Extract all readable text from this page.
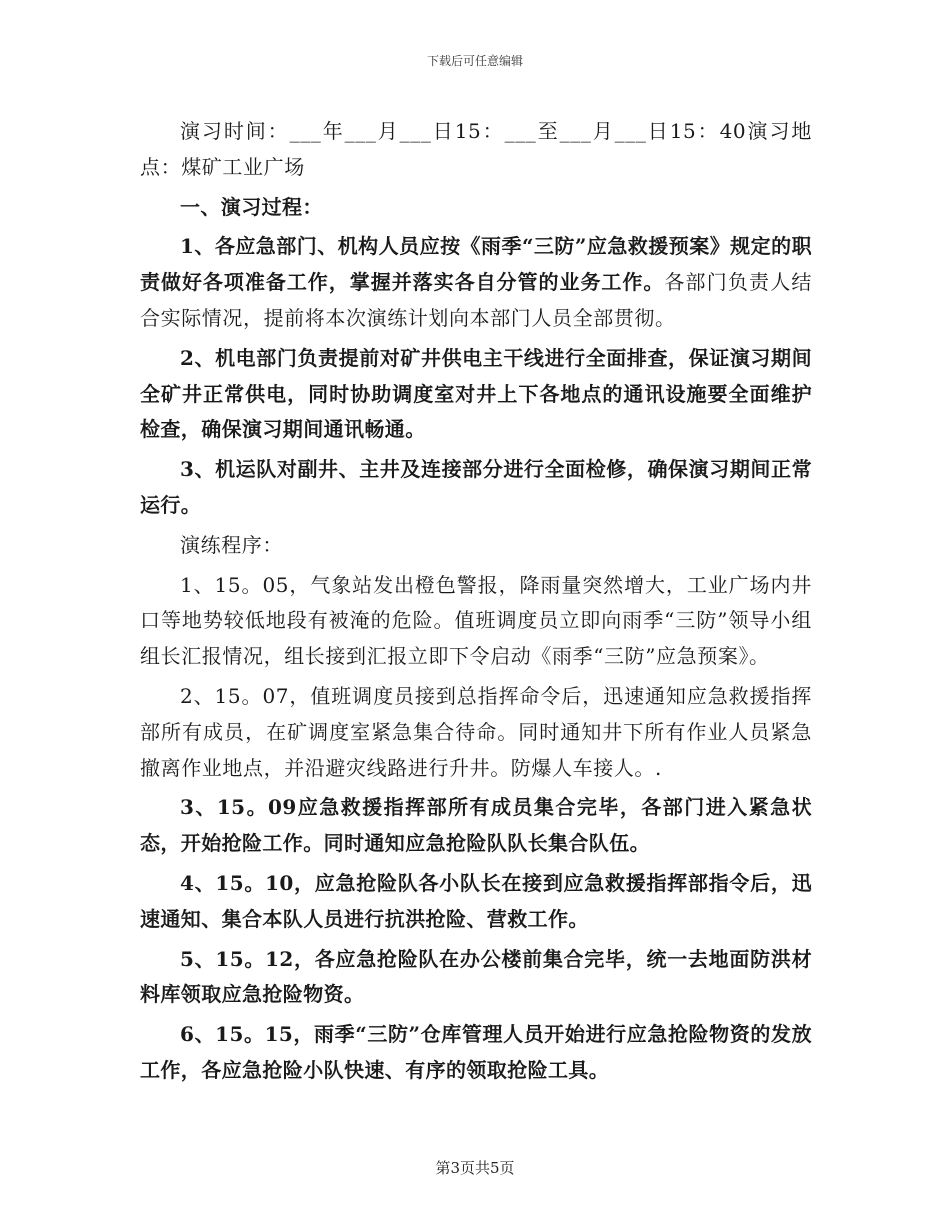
下载后可任意编辑

演习时间：___年___月___日15：___至___月___日15：40演习地点：煤矿工业广场

一、演习过程：

1、各应急部门、机构人员应按《雨季“三防”应急救援预案》规定的职责做好各项准备工作，掌握并落实各自分管的业务工作。各部门负责人结合实际情况，提前将本次演练计划向本部门人员全部贯彻。

2、机电部门负责提前对矿井供电主干线进行全面排查，保证演习期间全矿井正常供电，同时协助调度室对井上下各地点的通讯设施要全面维护检查，确保演习期间通讯畅通。

3、机运队对副井、主井及连接部分进行全面检修，确保演习期间正常运行。

演练程序：

1、15。05，气象站发出橙色警报，降雨量突然增大，工业广场内井口等地势较低地段有被淹的危险。值班调度员立即向雨季“三防”领导小组组长汇报情况，组长接到汇报立即下令启动《雨季“三防”应急预案》。

2、15。07，值班调度员接到总指挥命令后，迅速通知应急救援指挥部所有成员，在矿调度室紧急集合待命。同时通知井下所有作业人员紧急撤离作业地点，并沿避灾线路进行升井。防爆人车接人。.

3、15。09应急救援指挥部所有成员集合完毕，各部门进入紧急状态，开始抢险工作。同时通知应急抢险队队长集合队伍。

4、15。10，应急抢险队各小队长在接到应急救援指挥部指令后，迅速通知、集合本队人员进行抗洪抢险、营救工作。

5、15。12，各应急抢险队在办公楼前集合完毕，统一去地面防洪材料库领取应急抢险物资。

6、15。15，雨季“三防”仓库管理人员开始进行应急抢险物资的发放工作，各应急抢险小队快速、有序的领取抢险工具。

第3页共5页
